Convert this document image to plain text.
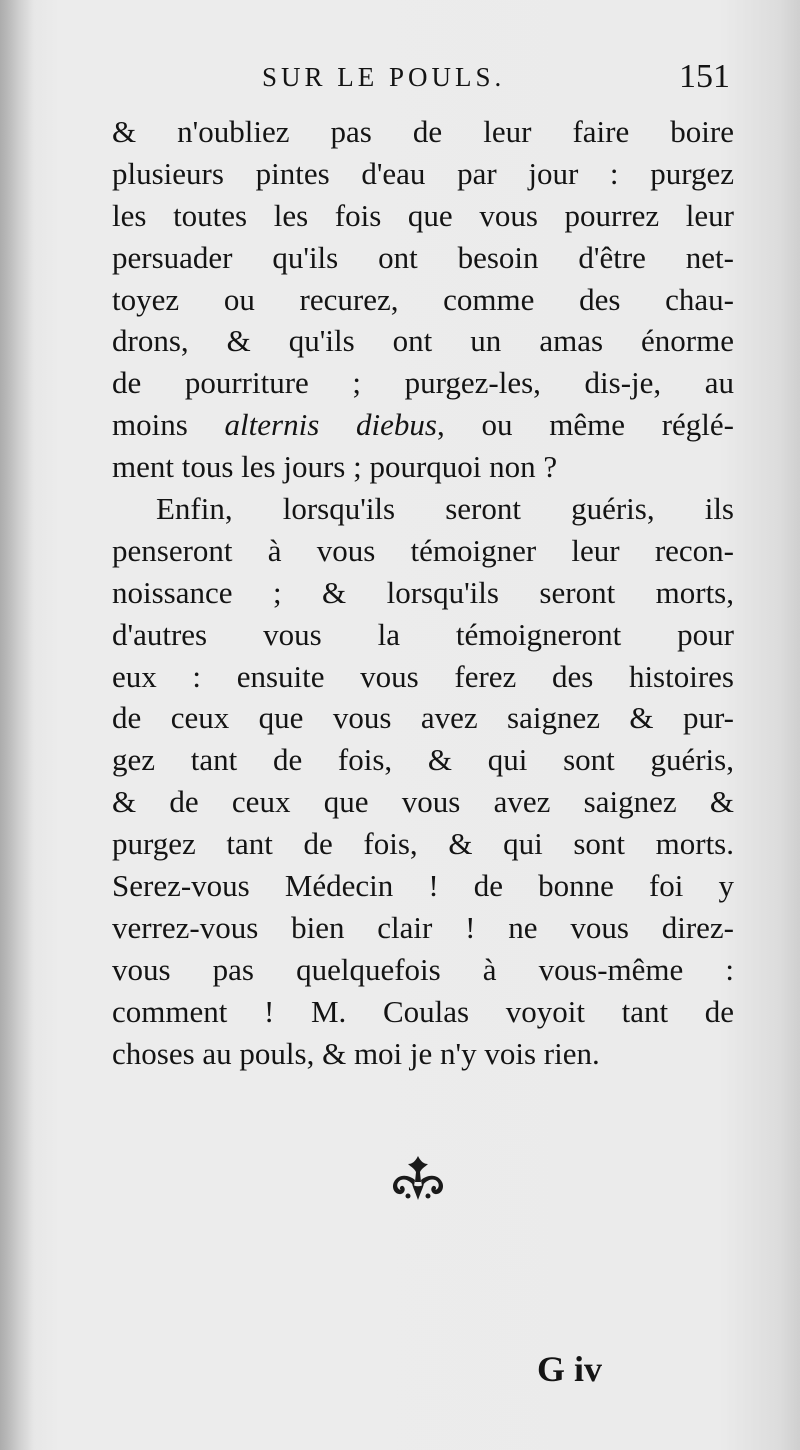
SUR LE POULS.	151
& n'oubliez pas de leur faire boire
plusieurs pintes d'eau par jour : purgez
les toutes les fois que vous pourrez leur
persuader qu'ils ont besoin d'être net-
toyez ou recurez, comme des chau-
drons, & qu'ils ont un amas énorme
de pourriture ; purgez-les, dis-je, au
moins alternis diebus, ou même réglé-
ment tous les jours ; pourquoi non ?
Enfin, lorsqu'ils seront guéris, ils
penseront à vous témoigner leur recon-
noissance ; & lorsqu'ils seront morts,
d'autres vous la témoigneront pour
eux : ensuite vous ferez des histoires
de ceux que vous avez saignez & pur-
gez tant de fois, & qui sont guéris,
& de ceux que vous avez saignez &
purgez tant de fois, & qui sont morts.
Serez-vous Médecin ! de bonne foi y
verrez-vous bien clair ! ne vous direz-
vous pas quelquefois à vous-même :
comment ! M. Coulas voyoit tant de
choses au pouls, & moi je n'y vois rien.
G iv
